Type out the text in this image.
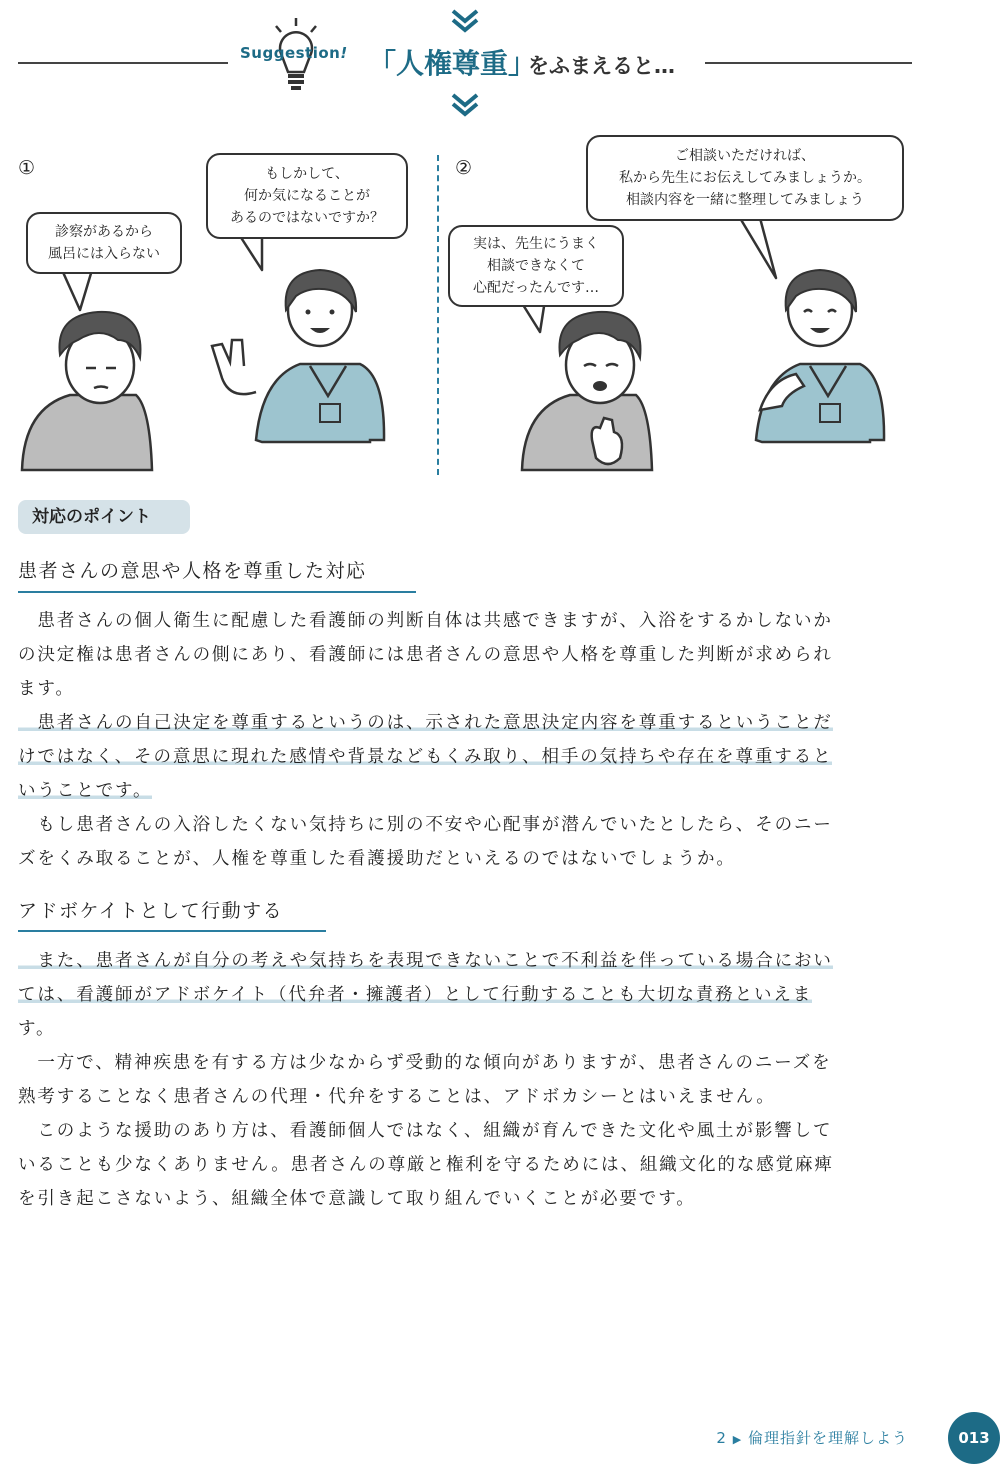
Suggestion! 「人権尊重」
をふまえると…
①	②
診察があるから
風呂には入らない
もしかして、
何か気になることが
あるのではないですか？
実は、先生にうまく
相談できなくて
心配だったんです…
ご相談いただければ、
私から先生にお伝えしてみましょうか。
相談内容を一緒に整理してみましょう
対応のポイント
患者さんの意思や人格を尊重した対応
　患者さんの個人衛生に配慮した看護師の判断自体は共感できますが、入浴をするかしないか
の決定権は患者さんの側にあり、看護師には患者さんの意思や人格を尊重した判断が求められ
ます。
　患者さんの自己決定を尊重するというのは、示された意思決定内容を尊重するということだ
けではなく、その意思に現れた感情や背景などもくみ取り、相手の気持ちや存在を尊重すると
いうことです。
　もし患者さんの入浴したくない気持ちに別の不安や心配事が潜んでいたとしたら、そのニー
ズをくみ取ることが、人権を尊重した看護援助だといえるのではないでしょうか。
アドボケイトとして行動する
　また、患者さんが自分の考えや気持ちを表現できないことで不利益を伴っている場合におい
ては、看護師がアドボケイト（代弁者・擁護者）として行動することも大切な責務といえま
す。
　一方で、精神疾患を有する方は少なからず受動的な傾向がありますが、患者さんのニーズを
熟考することなく患者さんの代理・代弁をすることは、アドボカシーとはいえません。
　このような援助のあり方は、看護師個人ではなく、組織が育んできた文化や風土が影響して
いることも少なくありません。患者さんの尊厳と権利を守るためには、組織文化的な感覚麻痺
を引き起こさないよう、組織全体で意識して取り組んでいくことが必要です。
2 ▶ 倫理指針を理解しよう	013
